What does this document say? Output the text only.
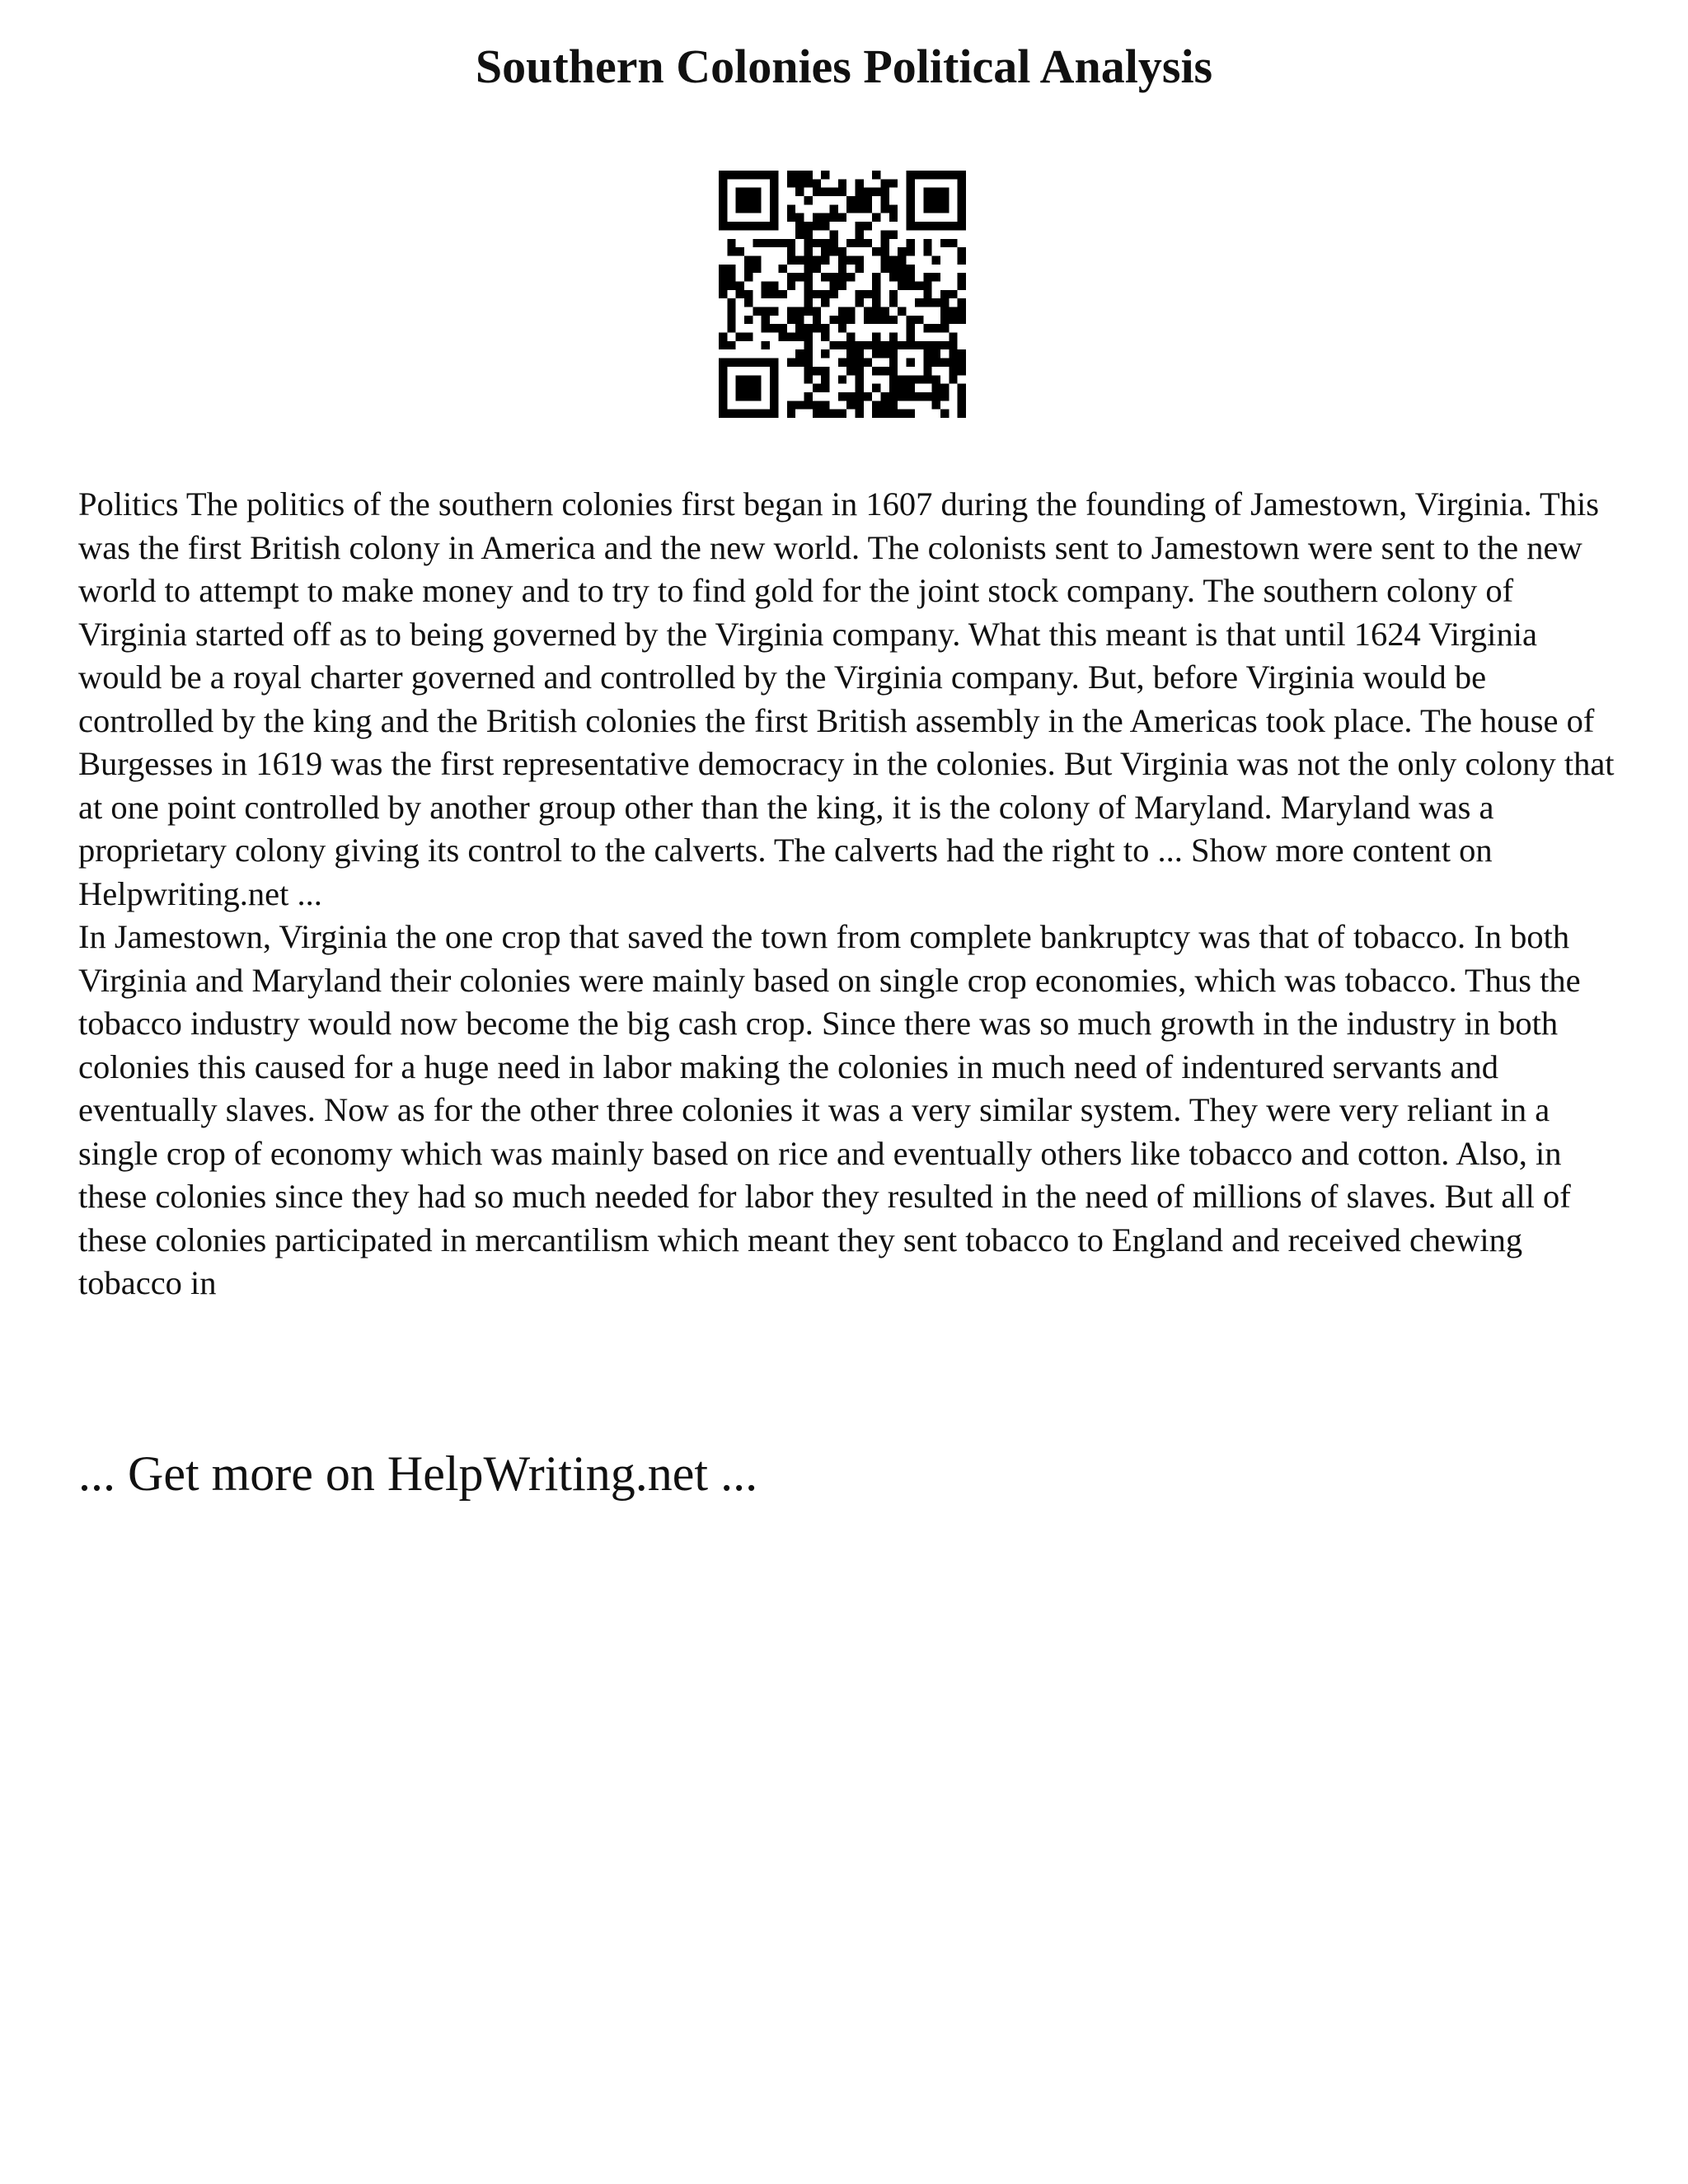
Southern Colonies Political Analysis

Politics The politics of the southern colonies first began in 1607 during the founding of Jamestown, Virginia. This was the first British colony in America and the new world. The colonists sent to Jamestown were sent to the new world to attempt to make money and to try to find gold for the joint stock company. The southern colony of Virginia started off as to being governed by the Virginia company. What this meant is that until 1624 Virginia would be a royal charter governed and controlled by the Virginia company. But, before Virginia would be controlled by the king and the British colonies the first British assembly in the Americas took place. The house of Burgesses in 1619 was the first representative democracy in the colonies. But Virginia was not the only colony that at one point controlled by another group other than the king, it is the colony of Maryland. Maryland was a proprietary colony giving its control to the calverts. The calverts had the right to ... Show more content on Helpwriting.net ...

In Jamestown, Virginia the one crop that saved the town from complete bankruptcy was that of tobacco. In both Virginia and Maryland their colonies were mainly based on single crop economies, which was tobacco. Thus the tobacco industry would now become the big cash crop. Since there was so much growth in the industry in both colonies this caused for a huge need in labor making the colonies in much need of indentured servants and eventually slaves. Now as for the other three colonies it was a very similar system. They were very reliant in a single crop of economy which was mainly based on rice and eventually others like tobacco and cotton. Also, in these colonies since they had so much needed for labor they resulted in the need of millions of slaves. But all of these colonies participated in mercantilism which meant they sent tobacco to England and received chewing tobacco in

... Get more on HelpWriting.net ...
